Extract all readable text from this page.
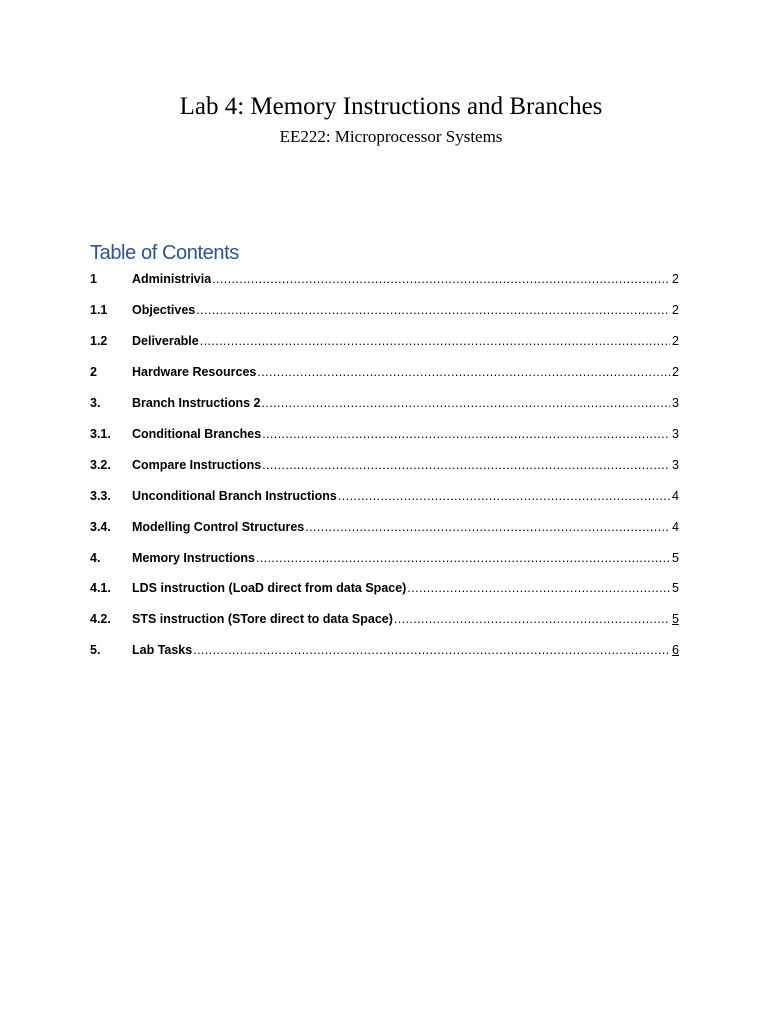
Lab 4: Memory Instructions and Branches
EE222: Microprocessor Systems
Table of Contents
1	Administrivia .....	2
1.1	Objectives .....	2
1.2	Deliverable .....	2
2	Hardware Resources .....	2
3.	Branch Instructions 2 .....	3
3.1.	Conditional Branches .....	3
3.2.	Compare Instructions .....	3
3.3.	Unconditional Branch Instructions .....	4
3.4.	Modelling Control Structures .....	4
4.	Memory Instructions .....	5
4.1.	LDS instruction (LoaD direct from data Space) .....	5
4.2.	STS instruction (STore direct to data Space) .....	5
5.	Lab Tasks .....	6
